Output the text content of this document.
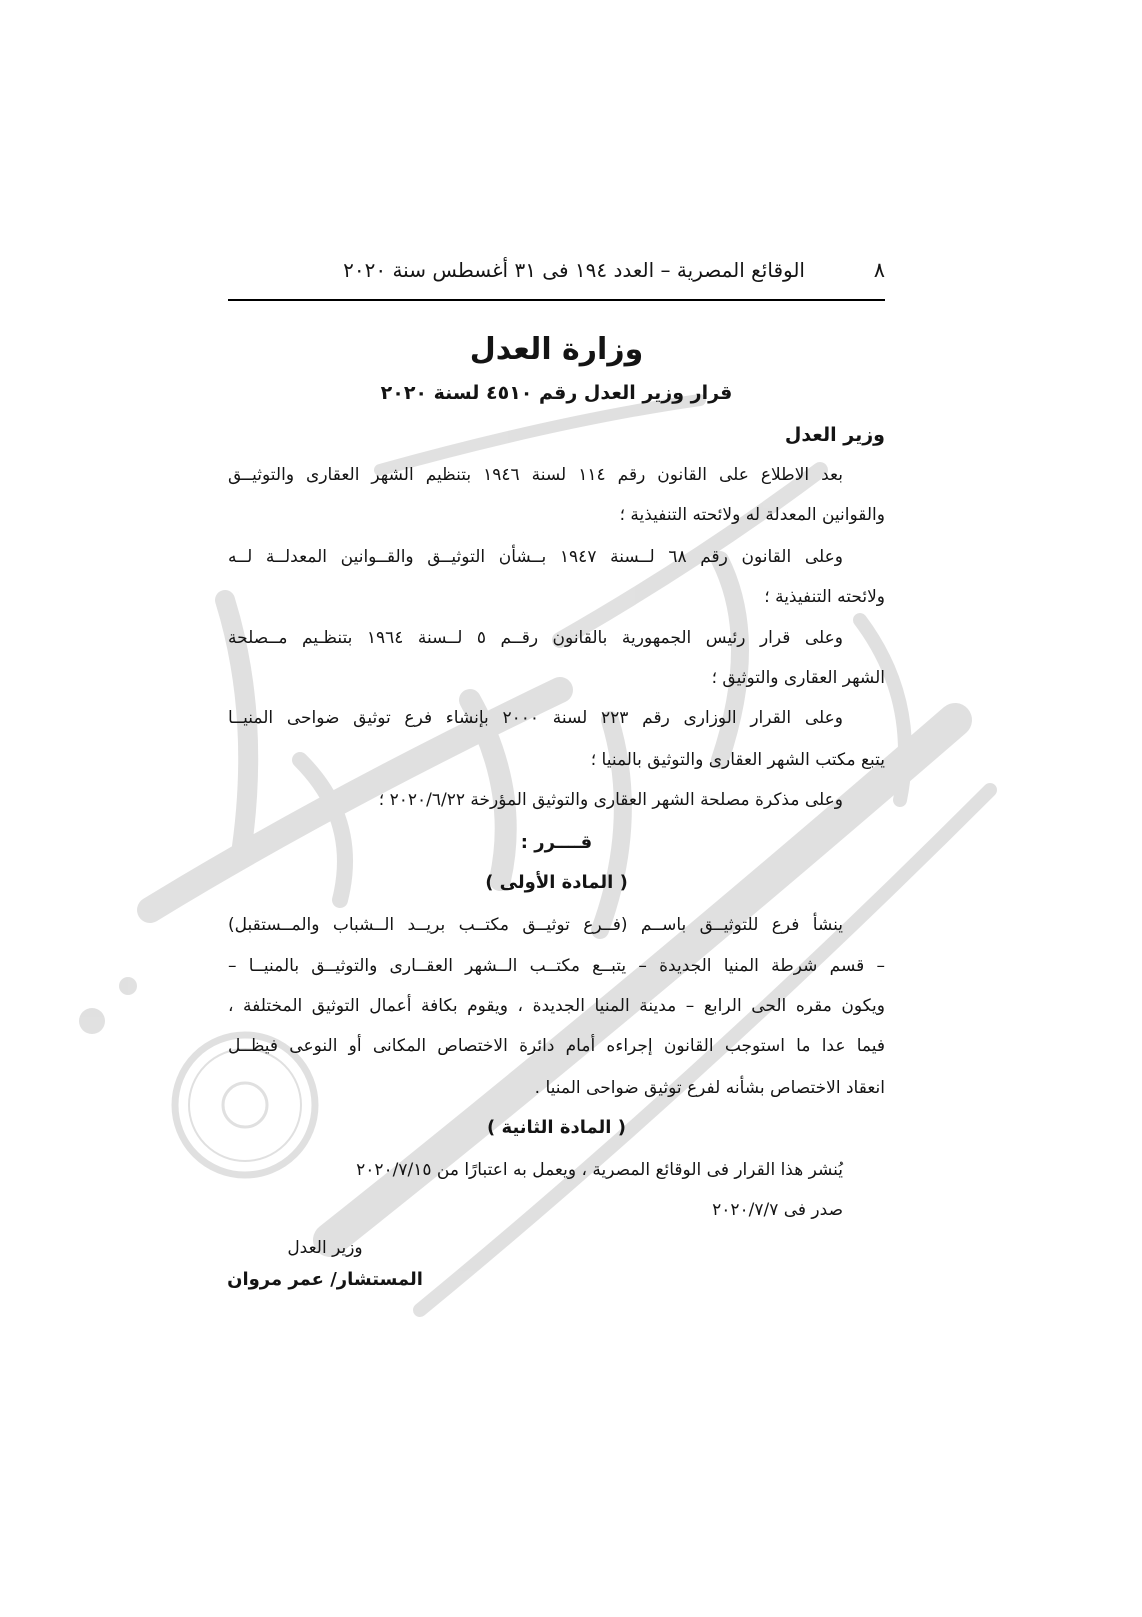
٨
الوقائع المصرية – العدد ١٩٤ فى ٣١ أغسطس سنة ٢٠٢٠
وزارة العدل
قرار وزير العدل رقم ٤٥١٠ لسنة ٢٠٢٠
وزير العدل
بعد الاطلاع على القانون رقم ١١٤ لسنة ١٩٤٦ بتنظيم الشهر العقارى والتوثيــق
والقوانين المعدلة له ولائحته التنفيذية ؛
وعلى القانون رقم ٦٨ لــسنة ١٩٤٧ بــشأن التوثيــق والقــوانين المعدلــة لــه
ولائحته التنفيذية ؛
وعلى قرار رئيس الجمهورية بالقانون رقــم ٥ لــسنة ١٩٦٤ بتنظـيم مــصلحة
الشهر العقارى والتوثيق ؛
وعلى القرار الوزارى رقم ٢٢٣ لسنة ٢٠٠٠ بإنشاء فرع توثيق ضواحى المنيــا
يتبع مكتب الشهر العقارى والتوثيق بالمنيا ؛
وعلى مذكرة مصلحة الشهر العقارى والتوثيق المؤرخة ٢٠٢٠/٦/٢٢ ؛
قــــرر :
( المادة الأولى )
ينشأ فرع للتوثيــق باســم (فــرع توثيــق مكتــب بريــد الــشباب والمــستقبل)
– قسم شرطة المنيا الجديدة – يتبــع مكتــب الــشهر العقــارى والتوثيــق بالمنيــا –
ويكون مقره الحى الرابع – مدينة المنيا الجديدة ، ويقوم بكافة أعمال التوثيق المختلفة ،
فيما عدا ما استوجب القانون إجراءه أمام دائرة الاختصاص المكانى أو النوعى فيظــل
انعقاد الاختصاص بشأنه لفرع توثيق ضواحى المنيا .
( المادة الثانية )
يُنشر هذا القرار فى الوقائع المصرية ، ويعمل به اعتبارًا من ٢٠٢٠/٧/١٥
صدر فى ٢٠٢٠/٧/٧
وزير العدل
المستشار/ عمر مروان
